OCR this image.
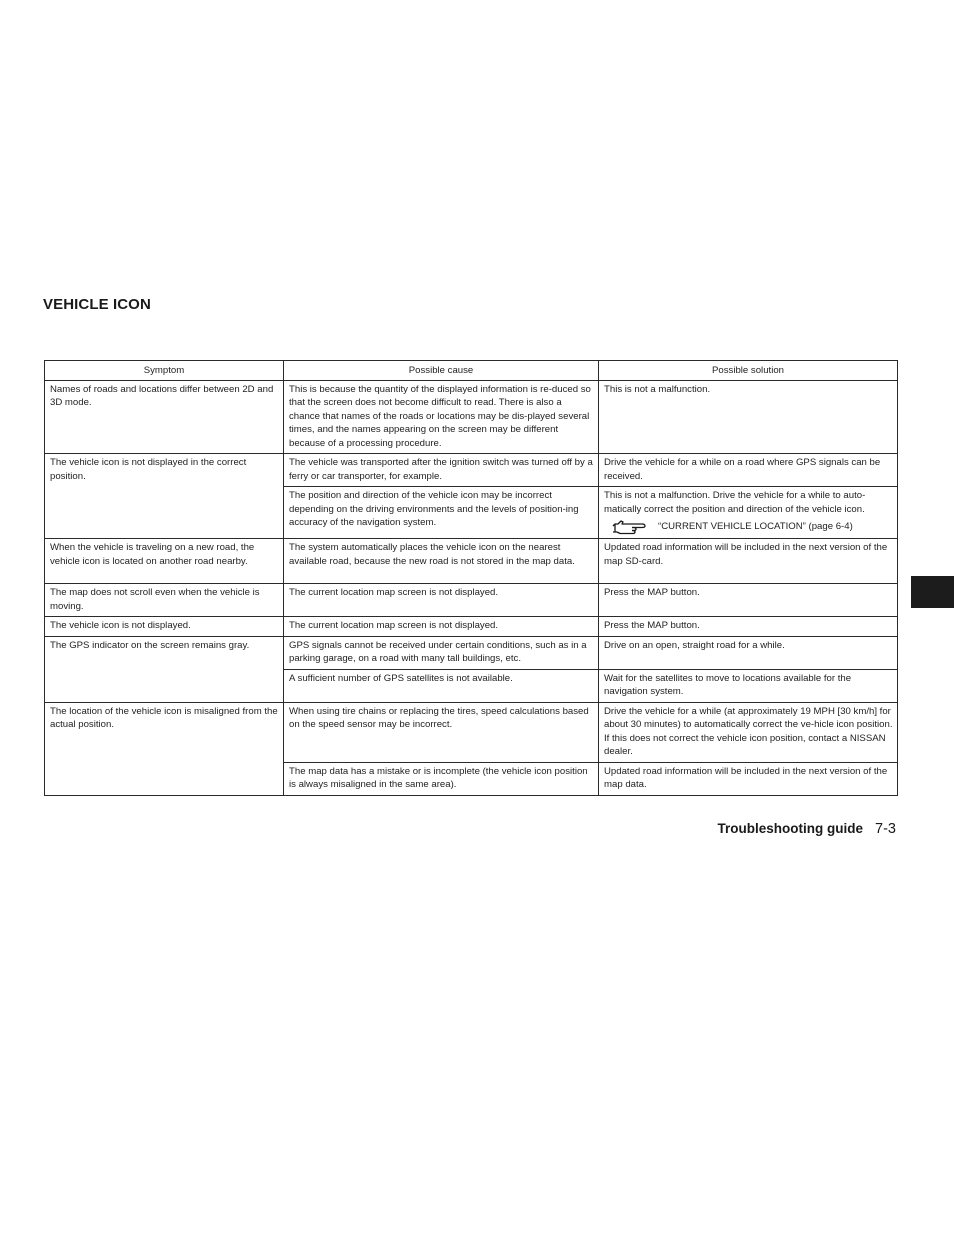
VEHICLE ICON
Symptom	Possible cause	Possible solution
Names of roads and locations differ between 2D and 3D mode.	This is because the quantity of the displayed information is re-duced so that the screen does not become difficult to read. There is also a chance that names of the roads or locations may be dis-played several times, and the names appearing on the screen may be different because of a processing procedure.	This is not a malfunction.
The vehicle icon is not displayed in the correct position.	The vehicle was transported after the ignition switch was turned off by a ferry or car transporter, for example.	Drive the vehicle for a while on a road where GPS signals can be received.
	The position and direction of the vehicle icon may be incorrect depending on the driving environments and the levels of position-ing accuracy of the navigation system.	This is not a malfunction. Drive the vehicle for a while to auto-matically correct the position and direction of the vehicle icon.
“CURRENT VEHICLE LOCATION” (page 6-4)

When the vehicle is traveling on a new road, the vehicle icon is located on another road nearby.	The system automatically places the vehicle icon on the nearest available road, because the new road is not stored in the map data.	Updated road information will be included in the next version of the map SD-card.
The map does not scroll even when the vehicle is moving.	The current location map screen is not displayed.	Press the MAP button.
The vehicle icon is not displayed.	The current location map screen is not displayed.	Press the MAP button.
The GPS indicator on the screen remains gray.	GPS signals cannot be received under certain conditions, such as in a parking garage, on a road with many tall buildings, etc.	Drive on an open, straight road for a while.
	A sufficient number of GPS satellites is not available.	Wait for the satellites to move to locations available for the navigation system.
The location of the vehicle icon is misaligned from the actual position.	When using tire chains or replacing the tires, speed calculations based on the speed sensor may be incorrect.	Drive the vehicle for a while (at approximately 19 MPH [30 km/h] for about 30 minutes) to automatically correct the ve-hicle icon position. If this does not correct the vehicle icon position, contact a NISSAN dealer.
	The map data has a mistake or is incomplete (the vehicle icon position is always misaligned in the same area).	Updated road information will be included in the next version of the map data.
Troubleshooting guide 7-3
